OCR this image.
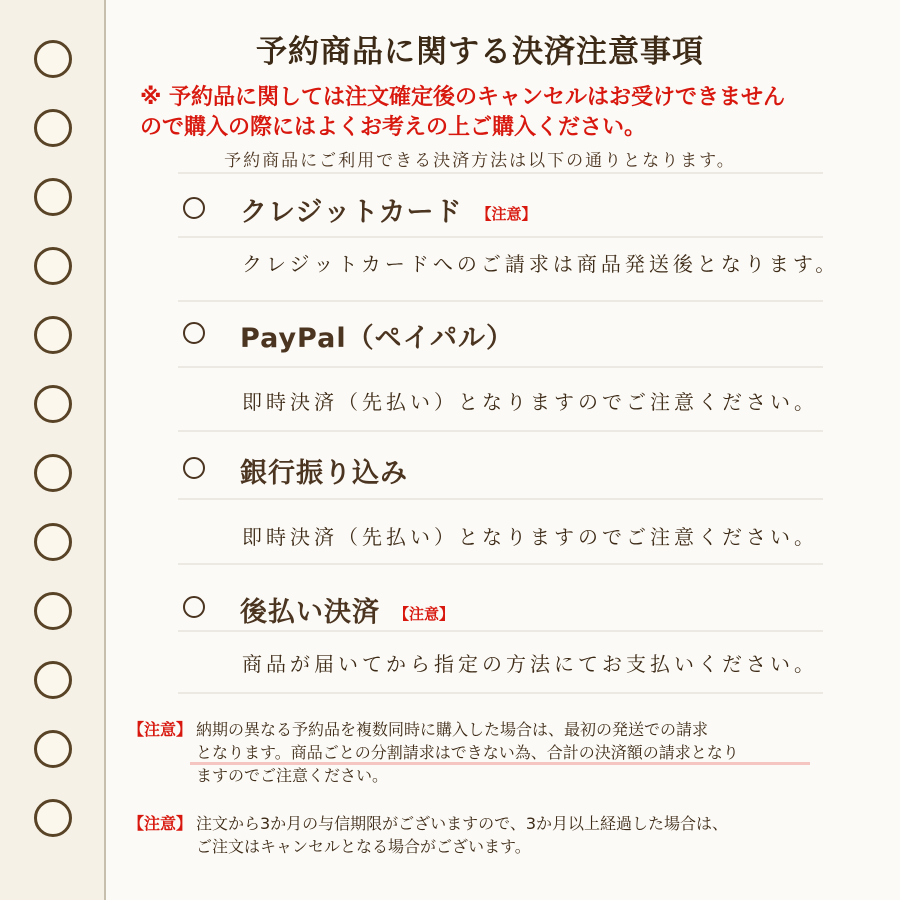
予約商品に関する決済注意事項
※ 予約品に関しては注文確定後のキャンセルはお受けできません
ので購入の際にはよくお考えの上ご購入ください。
予約商品にご利用できる決済方法は以下の通りとなります。
クレジットカード 【注意】
クレジットカードへのご請求は商品発送後となります。
PayPal（ペイパル）
即時決済（先払い）となりますのでご注意ください。
銀行振り込み
即時決済（先払い）となりますのでご注意ください。
後払い決済 【注意】
商品が届いてから指定の方法にてお支払いください。
【注意】 納期の異なる予約品を複数同時に購入した場合は、最初の発送での請求
となります。商品ごとの分割請求はできない為、合計の決済額の請求となり
ますのでご注意ください。
【注意】 注文から3か月の与信期限がございますので、3か月以上経過した場合は、
ご注文はキャンセルとなる場合がございます。
